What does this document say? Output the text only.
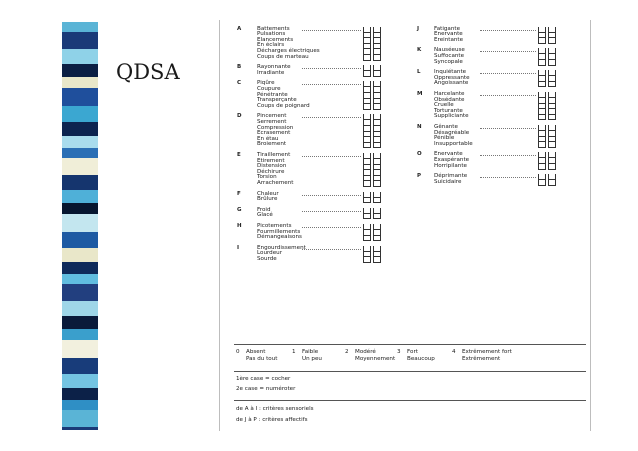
QDSA
0 Absent
Pas du tout
1 Faible
Un peu
2 Modéré
Moyennement
3 Fort
Beaucoup
4 Extrêmement fort
Extrêmement
1ère case = cocher
2e case = numéroter
de A à I : critères sensoriels
de J à P : critères affectifs
A	Battements
Pulsations
Elancements
En éclairs
Décharges électriques
Coups de marteau
B	Rayonnante
Irradiante
C	Piqûre
Coupure
Pénétrante
Transperçante
Coups de poignard
D	Pincement
Serrement
Compression
Ecrasement
En étau
Broiement
E	Tiraillement
Etirement
Distension
Déchirure
Torsion
Arrachement
F	Chaleur
Brûlure
G	Froid
Glacé
H	Picotements
Fourmillements
Démangeaisons
I	Engourdissement
Lourdeur
Sourde
J	Fatigante
Enervante
Ereintante
K Nauséeuse
Suffocante
Syncopale
L Inquiétante
Oppressante
Angoissante
M Harcelante
Obsédante
Cruelle
Torturante
Suppliciante
N Gênante
Désagréable
Pénible
Insupportable
O Enervante
Exaspérante
Horripilante
P Déprimante
Suicidaire
